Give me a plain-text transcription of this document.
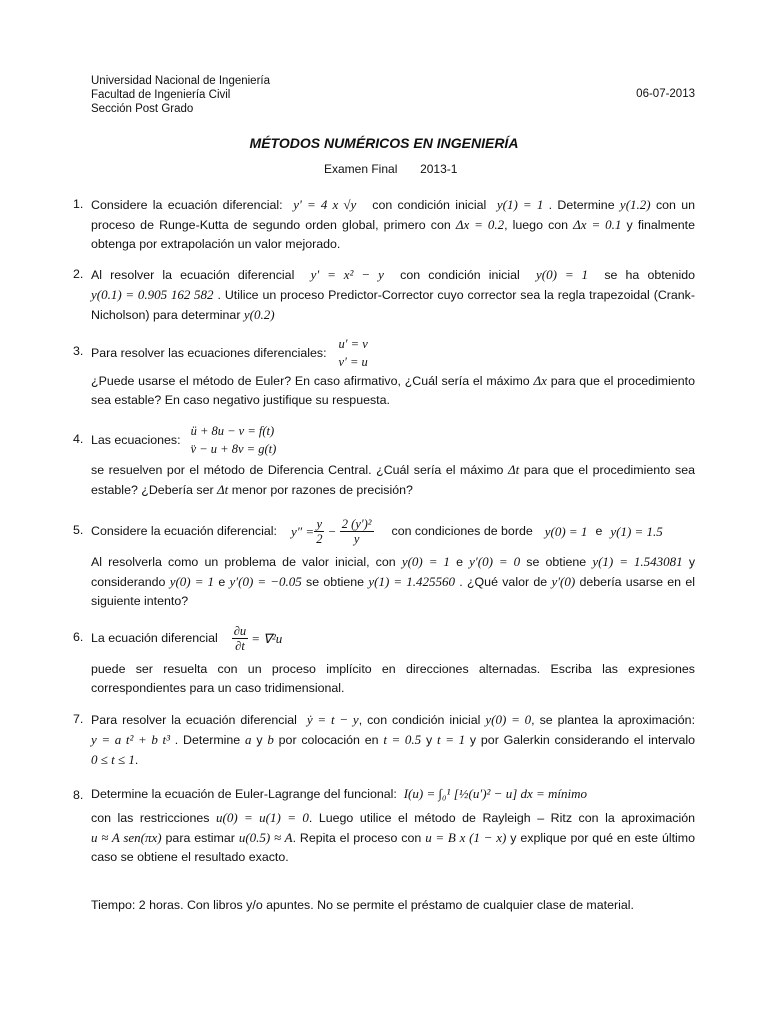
Universidad Nacional de Ingeniería
Facultad de Ingeniería Civil
Sección Post Grado
06-07-2013
MÉTODOS NUMÉRICOS EN INGENIERÍA
Examen Final 2013-1
1. Considere la ecuación diferencial: y' = 4 x √y con condición inicial y(1) = 1 . Determine y(1.2) con un proceso de Runge-Kutta de segundo orden global, primero con Δx = 0.2, luego con Δx = 0.1 y finalmente obtenga por extrapolación un valor mejorado.
2. Al resolver la ecuación diferencial y' = x² − y con condición inicial y(0) = 1 se ha obtenido y(0.1) = 0.905 162 582 . Utilice un proceso Predictor-Corrector cuyo corrector sea la regla trapezoidal (Crank-Nicholson) para determinar y(0.2)
3. Para resolver las ecuaciones diferenciales:
u′ = v
v′ = u
¿Puede usarse el método de Euler? En caso afirmativo, ¿Cuál sería el máximo Δx para que el procedimiento sea estable? En caso negativo justifique su respuesta.
4. Las ecuaciones:
ü + 8u − v = f(t)
v̈ − u + 8v = g(t)
se resuelven por el método de Diferencia Central. ¿Cuál sería el máximo Δt para que el procedimiento sea estable? ¿Debería ser Δt menor por razones de precisión?
5. Considere la ecuación diferencial: $y'' = \frac{y}{2} - \frac{\text{2 (y′)²}}{y}$ con condiciones de borde y(0) = 1 e y(1) = 1.5
Al resolverla como un problema de valor inicial, con y(0) = 1 e y′(0) = 0 se obtiene y(1) = 1.543081 y considerando y(0) = 1 e y′(0) = −0.05 se obtiene y(1) = 1.425560 . ¿Qué valor de y′(0) debería usarse en el siguiente intento?
6. La ecuación diferencial $\frac{\partial u}{\partial t} = \nabla^2u$
puede ser resuelta con un proceso implícito en direcciones alternadas. Escriba las expresiones correspondientes para un caso tridimensional.
7. Para resolver la ecuación diferencial ẏ = t − y, con condición inicial y(0) = 0, se plantea la aproximación: y = a t² + b t³ . Determine a y b por colocación en t = 0.5 y t = 1 y por Galerkin considerando el intervalo 0 ≤ t ≤ 1.
8. Determine la ecuación de Euler-Lagrange del funcional: I(u) = ∫₀¹ [½(u′)² − u] dx = mínimo
con las restricciones u(0) = u(1) = 0. Luego utilice el método de Rayleigh – Ritz con la aproximación u ≈ A sen(πx) para estimar u(0.5) ≈ A. Repita el proceso con u = B x (1 − x) y explique por qué en este último caso se obtiene el resultado exacto.
Tiempo: 2 horas. Con libros y/o apuntes. No se permite el préstamo de cualquier clase de material.
